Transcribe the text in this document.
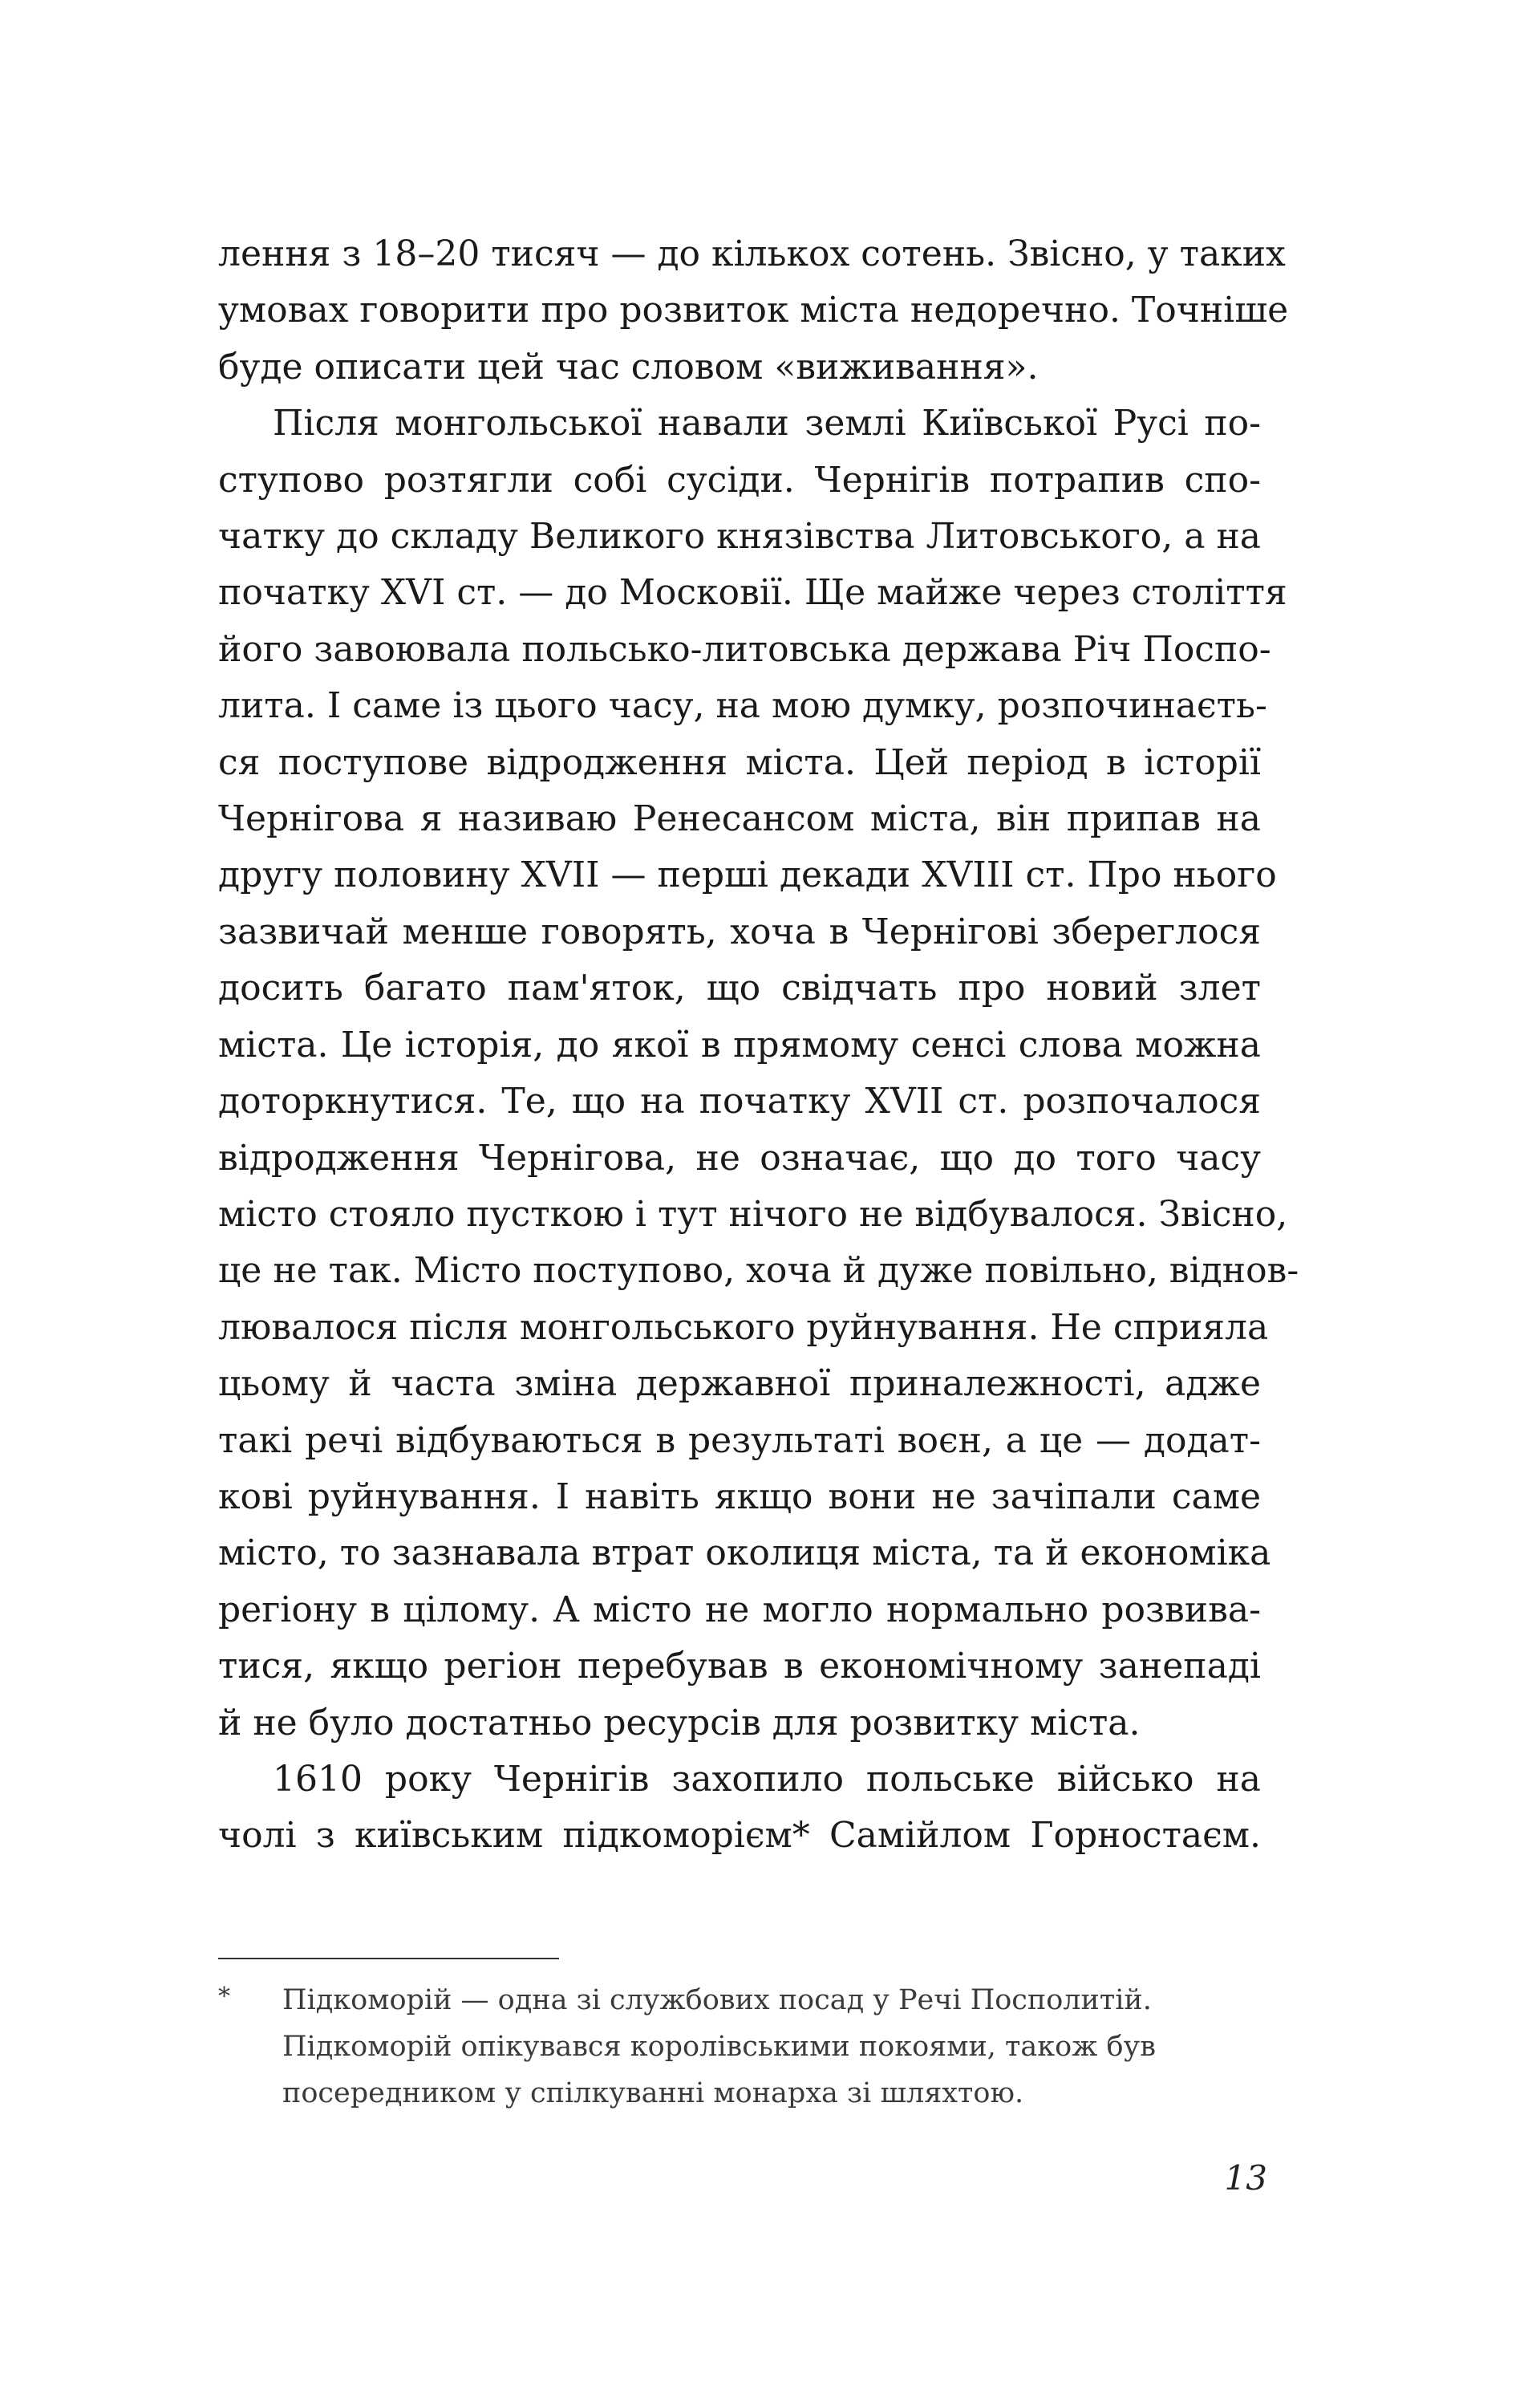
лення з 18–20 тисяч — до кількох сотень. Звісно, у таких

умовах говорити про розвиток міста недоречно. Точніше

буде описати цей час словом «виживання».

Після монгольської навали землі Київської Русі по-

ступово розтягли собі сусіди. Чернігів потрапив спо-

чатку до складу Великого князівства Литовського, а на

початку XVI ст. — до Московії. Ще майже через століття

його завоювала польсько-литовська держава Річ Поспо-

лита. І саме із цього часу, на мою думку, розпочинаєть-

ся поступове відродження міста. Цей період в історії

Чернігова я називаю Ренесансом міста, він припав на

другу половину XVII — перші декади XVIII ст. Про нього

зазвичай менше говорять, хоча в Чернігові збереглося

досить багато пам'яток, що свідчать про новий злет

міста. Це історія, до якої в прямому сенсі слова можна

доторкнутися. Те, що на початку XVII ст. розпочалося

відродження Чернігова, не означає, що до того часу

місто стояло пусткою і тут нічого не відбувалося. Звісно,

це не так. Місто поступово, хоча й дуже повільно, віднов-

лювалося після монгольського руйнування. Не сприяла

цьому й часта зміна державної приналежності, адже

такі речі відбуваються в результаті воєн, а це — додат-

кові руйнування. І навіть якщо вони не зачіпали саме

місто, то зазнавала втрат околиця міста, та й економіка

регіону в цілому. А місто не могло нормально розвива-

тися, якщо регіон перебував в економічному занепаді

й не було достатньо ресурсів для розвитку міста.

1610 року Чернігів захопило польське військо на

чолі з київським підкоморієм* Самійлом Горностаєм.

* Підкоморій — одна зі службових посад у Речі Посполитій.
Підкоморій опікувався королівськими покоями, також був
посередником у спілкуванні монарха зі шляхтою.
13
